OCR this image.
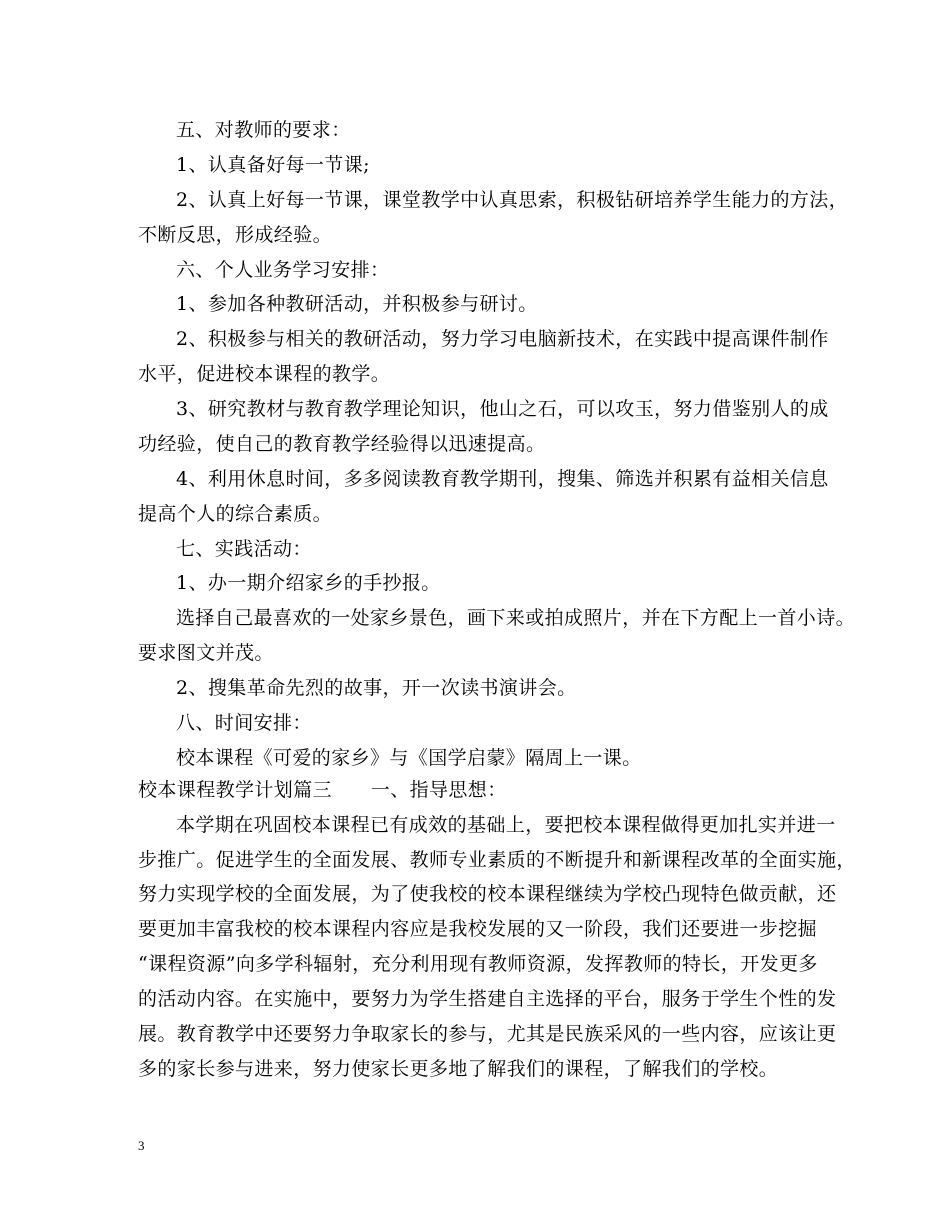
五、对教师的要求：
1、认真备好每一节课;
2、认真上好每一节课，课堂教学中认真思索，积极钻研培养学生能力的方法，
不断反思，形成经验。
六、个人业务学习安排：
1、参加各种教研活动，并积极参与研讨。
2、积极参与相关的教研活动，努力学习电脑新技术，在实践中提高课件制作
水平，促进校本课程的教学。
3、研究教材与教育教学理论知识，他山之石，可以攻玉，努力借鉴别人的成
功经验，使自己的教育教学经验得以迅速提高。
4、利用休息时间，多多阅读教育教学期刊，搜集、筛选并积累有益相关信息
提高个人的综合素质。
七、实践活动：
1、办一期介绍家乡的手抄报。
选择自己最喜欢的一处家乡景色，画下来或拍成照片，并在下方配上一首小诗。
要求图文并茂。
2、搜集革命先烈的故事，开一次读书演讲会。
八、时间安排：
校本课程《可爱的家乡》与《国学启蒙》隔周上一课。
校本课程教学计划篇三　　一、指导思想：
本学期在巩固校本课程已有成效的基础上，要把校本课程做得更加扎实并进一
步推广。促进学生的全面发展、教师专业素质的不断提升和新课程改革的全面实施，
努力实现学校的全面发展，为了使我校的校本课程继续为学校凸现特色做贡献，还
要更加丰富我校的校本课程内容应是我校发展的又一阶段，我们还要进一步挖掘
“课程资源”向多学科辐射，充分利用现有教师资源，发挥教师的特长，开发更多
的活动内容。在实施中，要努力为学生搭建自主选择的平台，服务于学生个性的发
展。教育教学中还要努力争取家长的参与，尤其是民族采风的一些内容，应该让更
多的家长参与进来，努力使家长更多地了解我们的课程，了解我们的学校。
3
